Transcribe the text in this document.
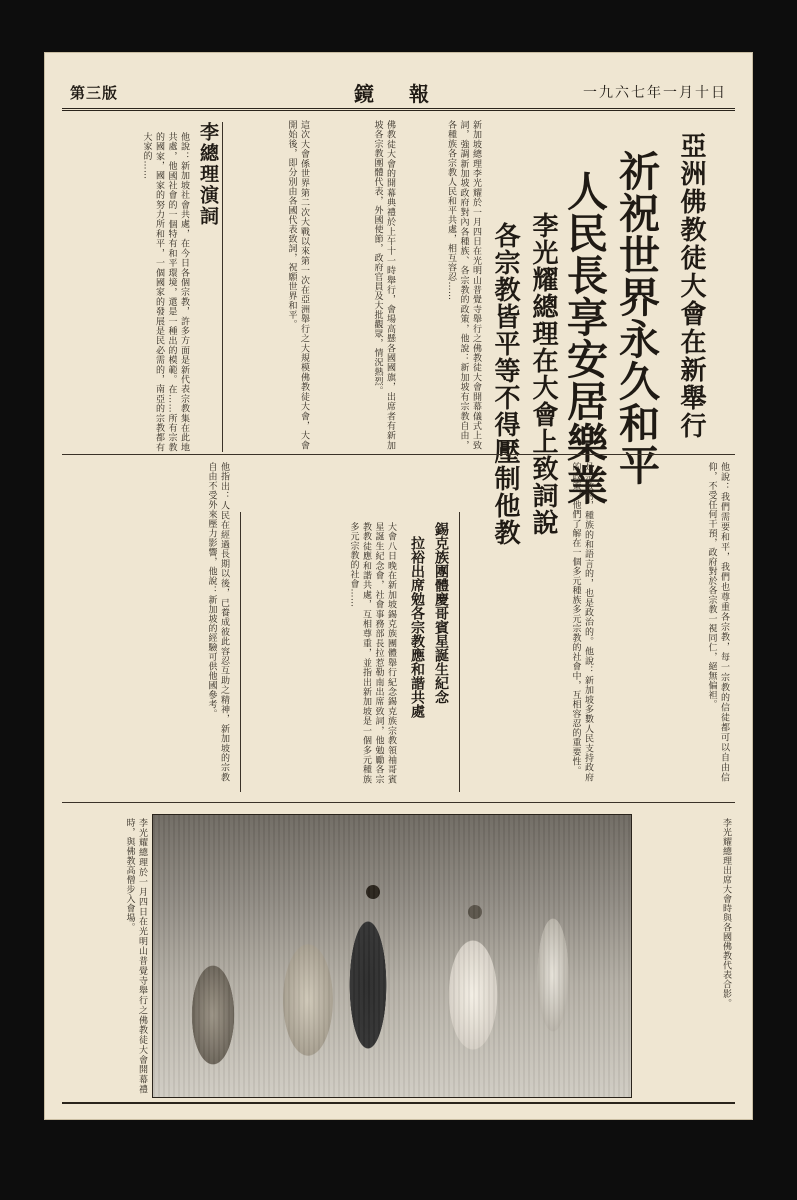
第三版	鏡 報	一九六七年一月十日
亞洲佛教徒大會在新舉行
祈祝世界永久和平
人民長享安居樂業
李光耀總理在大會上致詞說
各宗教皆平等不得壓制他教
新加坡總理李光耀於一月四日在光明山普覺寺舉行之佛教徒大會開幕儀式上致詞，強調新加坡政府對內各種族、各宗教的政策，他說：新加坡有宗教自由，各種族各宗教人民和平共處，相互容忍……
佛教徒大會的開幕典禮於上午十一時舉行，會場高懸各國國旗，出席者有新加坡各宗教團體代表，外國使節，政府官員及大批觀眾，情況熱烈。
這次大會係世界第二次大戰以來第一次在亞洲舉行之大規模佛教徒大會，大會開始後，即分別由各國代表致詞，祝願世界和平。
李總理演詞
他說：新加坡社會共處，在今日各個宗教，許多方面是新代表宗教集在此地共處，他國社會的一個特有和平環境，還是一種出的模範。在……所有宗教的國家，國家的努力所和平，一個國家的發展是民必需的，南亞的宗教都有大家的……
他指出：人民在經過長期以後，已養成彼此容忍互助之精神，新加坡的宗教自由不受外來壓力影響，他說：新加坡的經驗可供他國參考。	是宗教的，種族的和語言的，也是政治的。他說：新加坡多數人民支持政府的政策，他們了解在一個多元種族多元宗教的社會中，互相容忍的重要性。	他說：我們需要和平，我們也尊重各宗教，每一宗教的信徒都可以自由信仰，不受任何干預，政府對於各宗教一視同仁，絕無偏袒。
錫克族團體慶哥賓星誕生紀念
拉裕出席勉各宗教應和諧共處
大會八日晚在新加坡錫克族團體舉行紀念錫克族宗教領袖哥賓星誕生紀念會，社會事務部長拉惹勒南出席致詞，他勉勵各宗教教徒應和諧共處，互相尊重，並指出新加坡是一個多元種族多元宗教的社會……
李光耀總理出席大會時與各國佛教代表合影。
李光耀總理於一月四日在光明山普覺寺舉行之佛教徒大會開幕禮時，與佛教高僧步入會場。
